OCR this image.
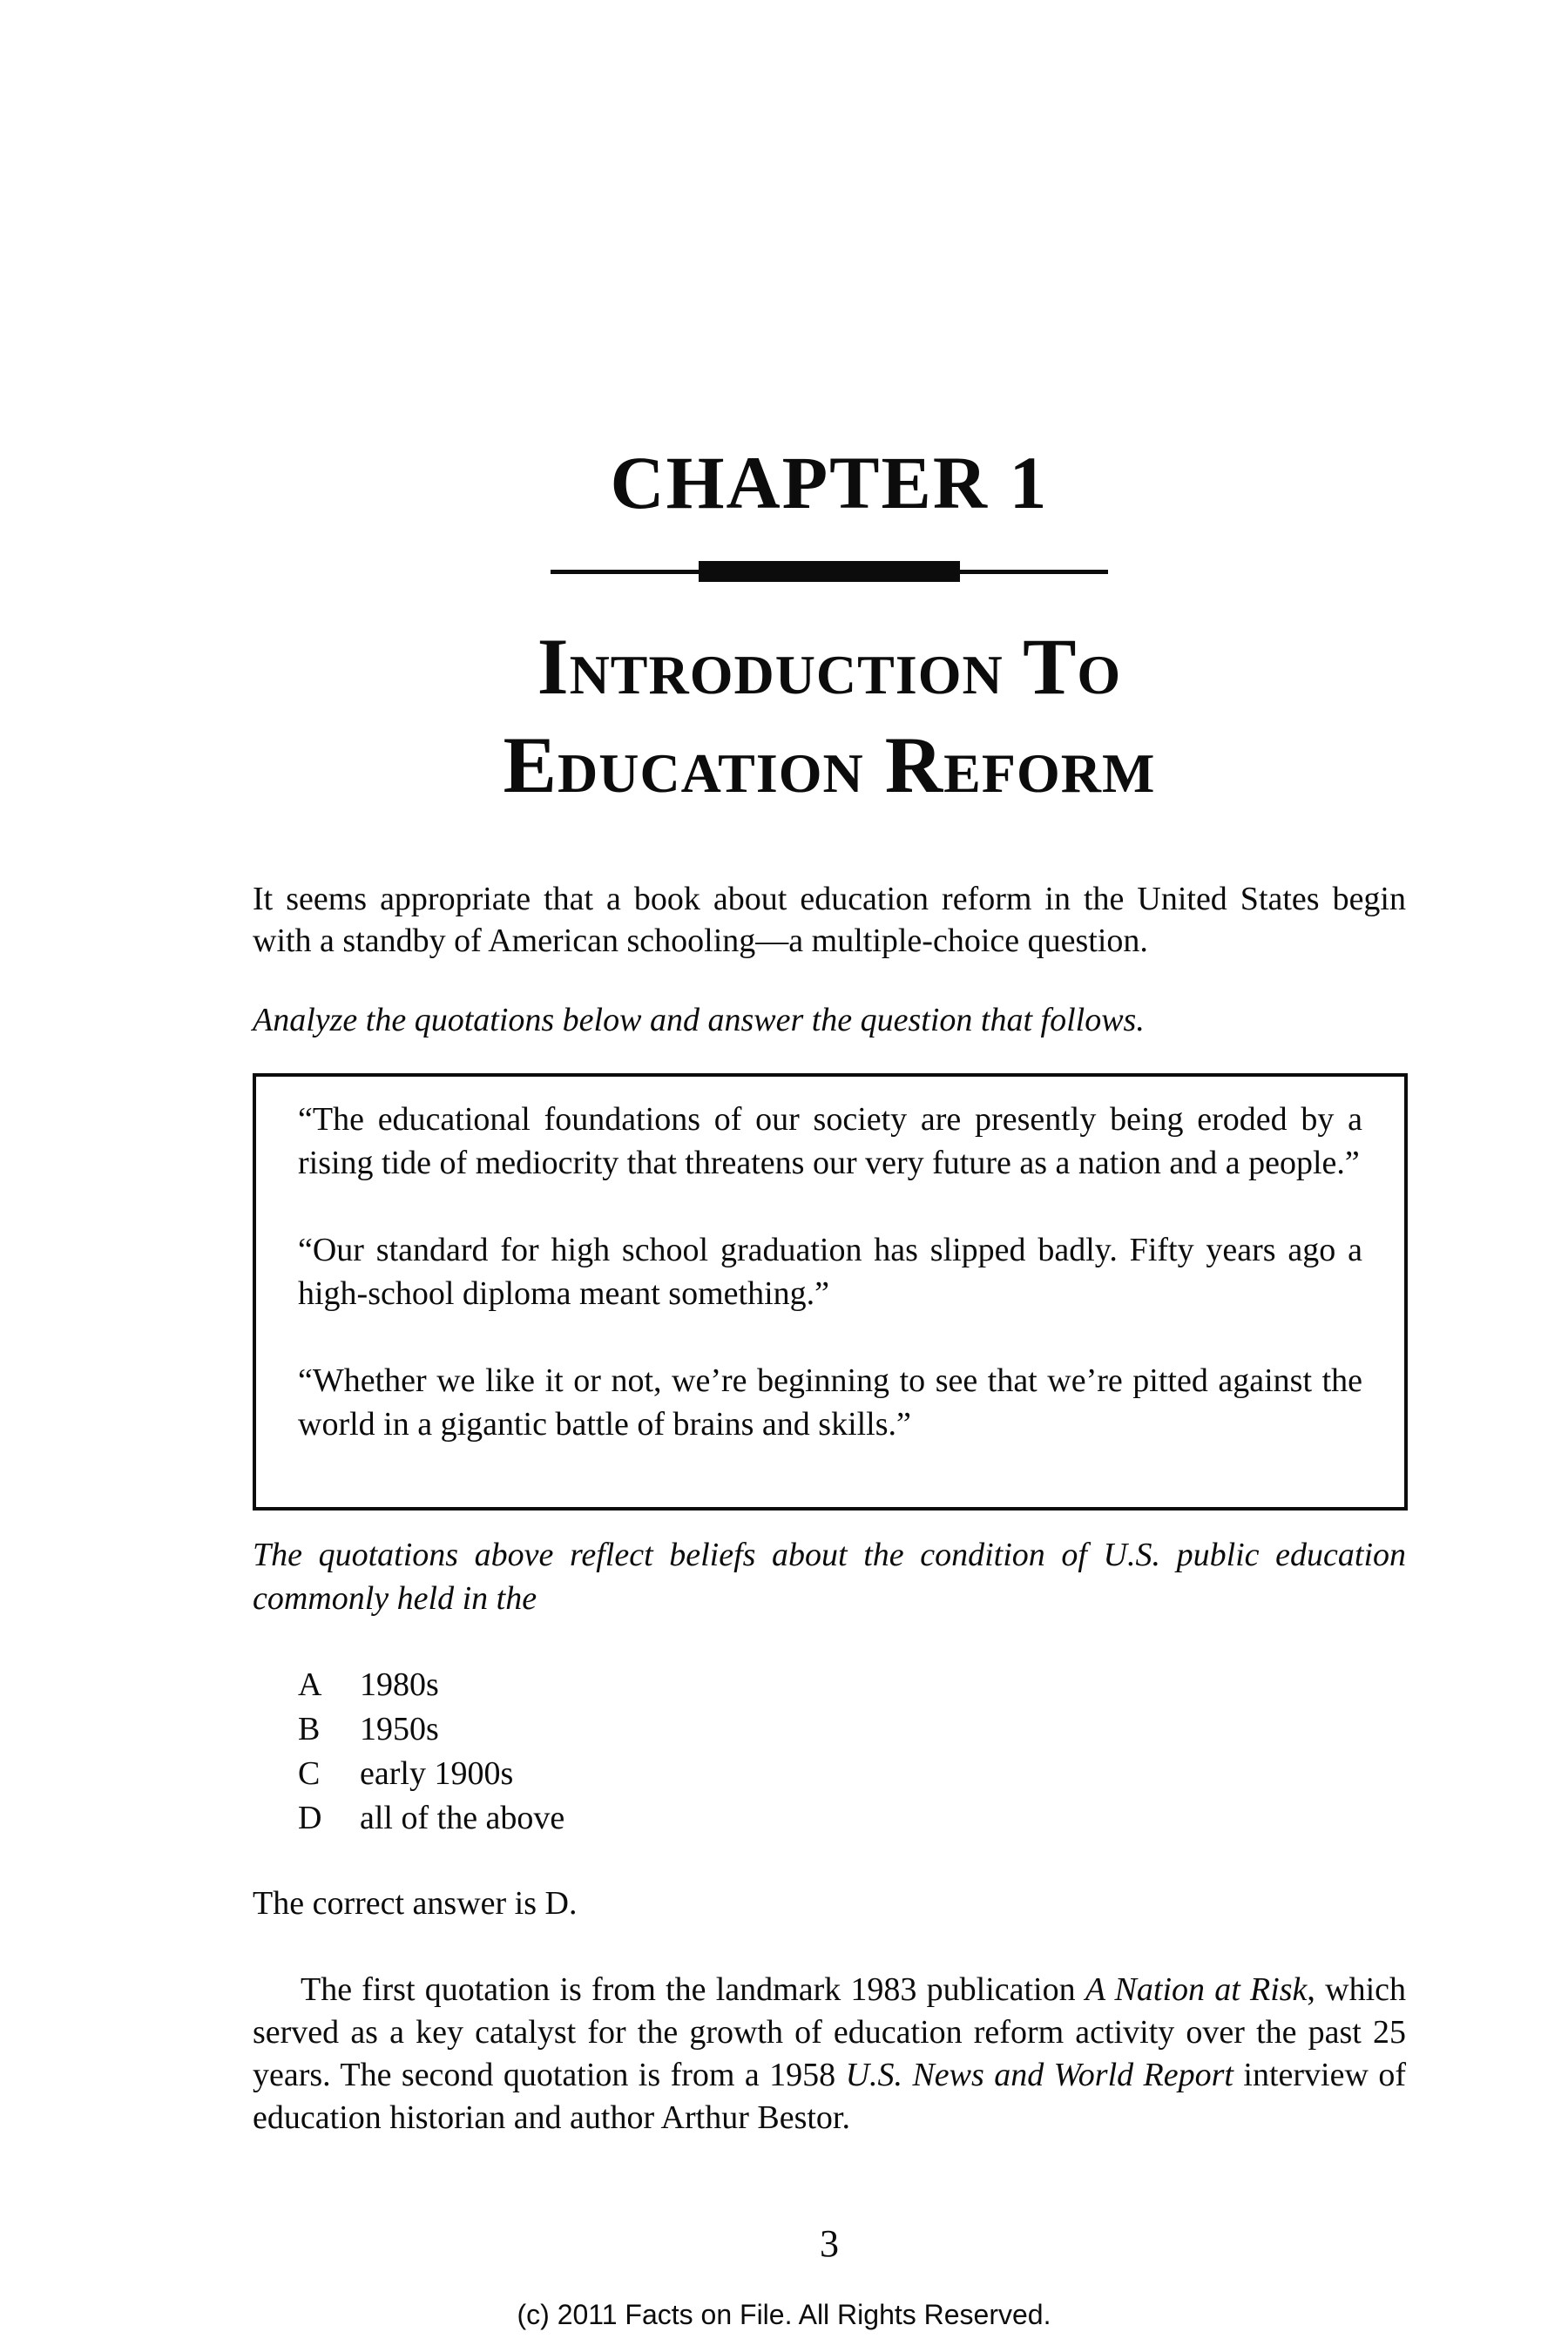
CHAPTER 1
Introduction To
Education Reform

It seems appropriate that a book about education reform in the United States begin with a standby of American schooling—a multiple-choice question.

Analyze the quotations below and answer the question that follows.

“The educational foundations of our society are presently being eroded by a rising tide of mediocrity that threatens our very future as a nation and a people.”

“Our standard for high school graduation has slipped badly. Fifty years ago a high-school diploma meant something.”

“Whether we like it or not, we’re beginning to see that we’re pitted against the world in a gigantic battle of brains and skills.”

The quotations above reflect beliefs about the condition of U.S. public education commonly held in the

A	1980s
B	1950s
C	early 1900s
D	all of the above

The correct answer is D.

The first quotation is from the landmark 1983 publication A Nation at Risk, which served as a key catalyst for the growth of education reform activity over the past 25 years. The second quotation is from a 1958 U.S. News and World Report interview of education historian and author Arthur Bestor.

3
(c) 2011 Facts on File. All Rights Reserved.
